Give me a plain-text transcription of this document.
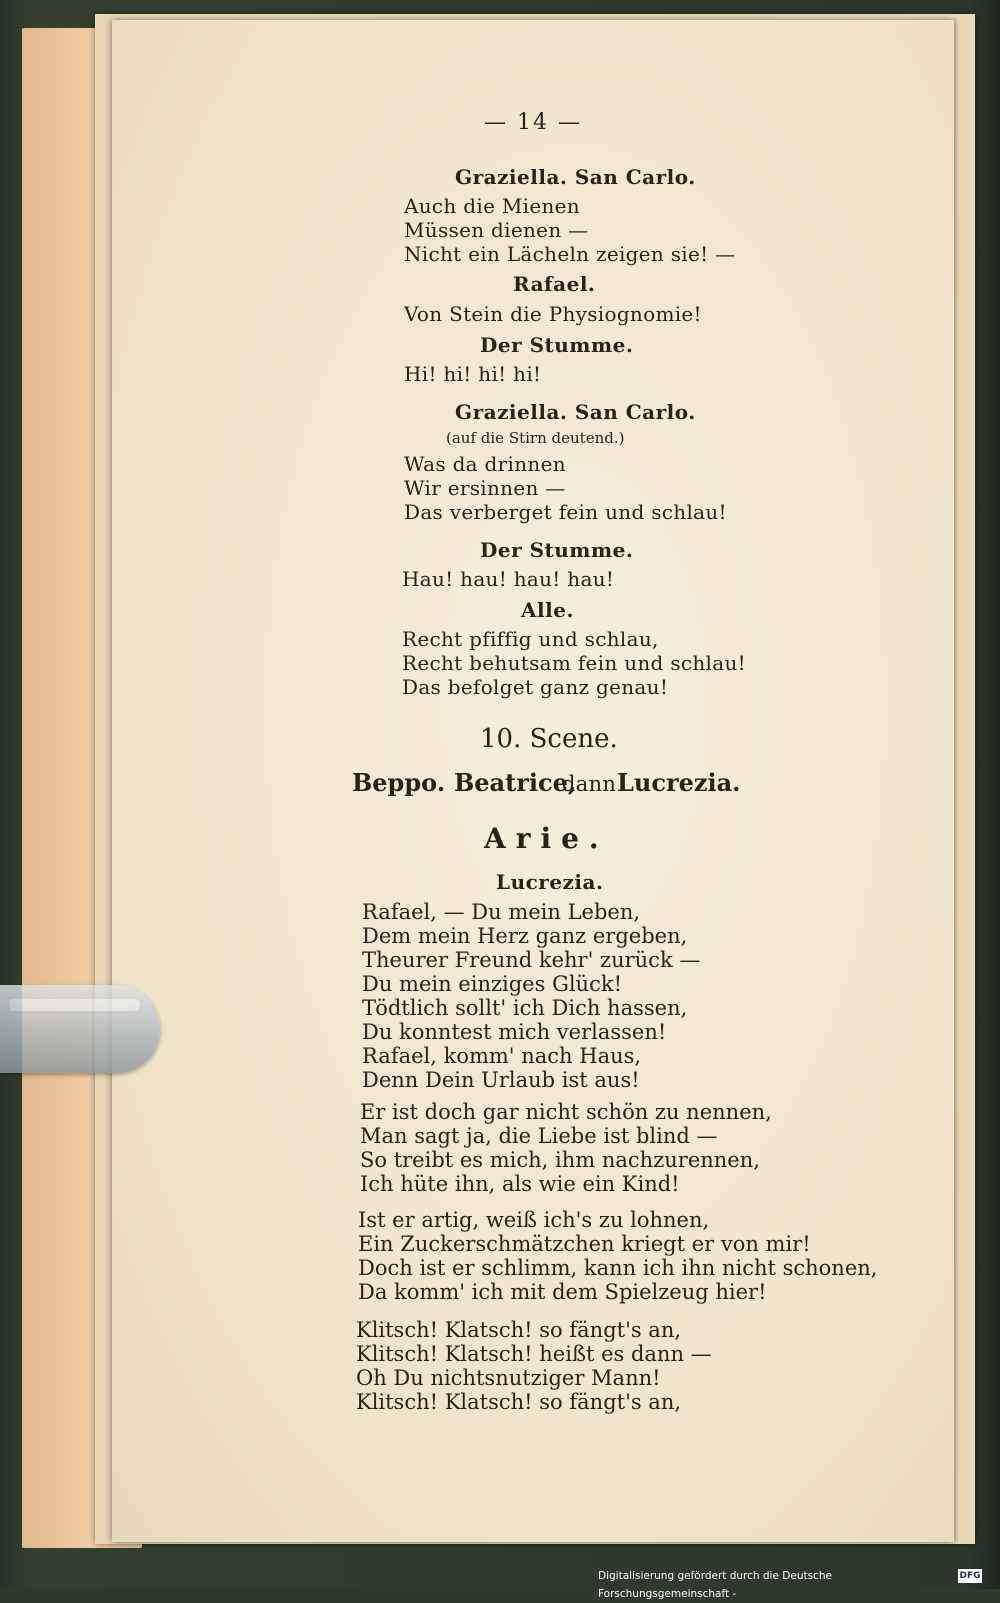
— 14 —
Graziella. San Carlo.
Auch die Mienen
Müssen dienen —
Nicht ein Lächeln zeigen sie! —
Rafael.
Von Stein die Physiognomie!
Der Stumme.
Hi! hi! hi! hi!
Graziella. San Carlo.
(auf die Stirn deutend.)
Was da drinnen
Wir ersinnen —
Das verberget fein und schlau!
Der Stumme.
Hau! hau! hau! hau!
Alle.
Recht pfiffig und schlau,
Recht behutsam fein und schlau!
Das befolget ganz genau!
10. Scene.
Beppo. Beatrice,
dann Lucrezia.
Arie.
Lucrezia.
Rafael, — Du mein Leben,
Dem mein Herz ganz ergeben,
Theurer Freund kehr' zurück —
Du mein einziges Glück!
Tödtlich sollt' ich Dich hassen,
Du konntest mich verlassen!
Rafael, komm' nach Haus,
Denn Dein Urlaub ist aus!
Er ist doch gar nicht schön zu nennen,
Man sagt ja, die Liebe ist blind —
So treibt es mich, ihm nachzurennen,
Ich hüte ihn, als wie ein Kind!
Ist er artig, weiß ich's zu lohnen,
Ein Zuckerschmätzchen kriegt er von mir!
Doch ist er schlimm, kann ich ihn nicht schonen,
Da komm' ich mit dem Spielzeug hier!
Klitsch! Klatsch! so fängt's an,
Klitsch! Klatsch! heißt es dann —
Oh Du nichtsnutziger Mann!
Klitsch! Klatsch! so fängt's an,
Digitalisierung gefördert durch die Deutsche Forschungsgemeinschaft -
DFG
